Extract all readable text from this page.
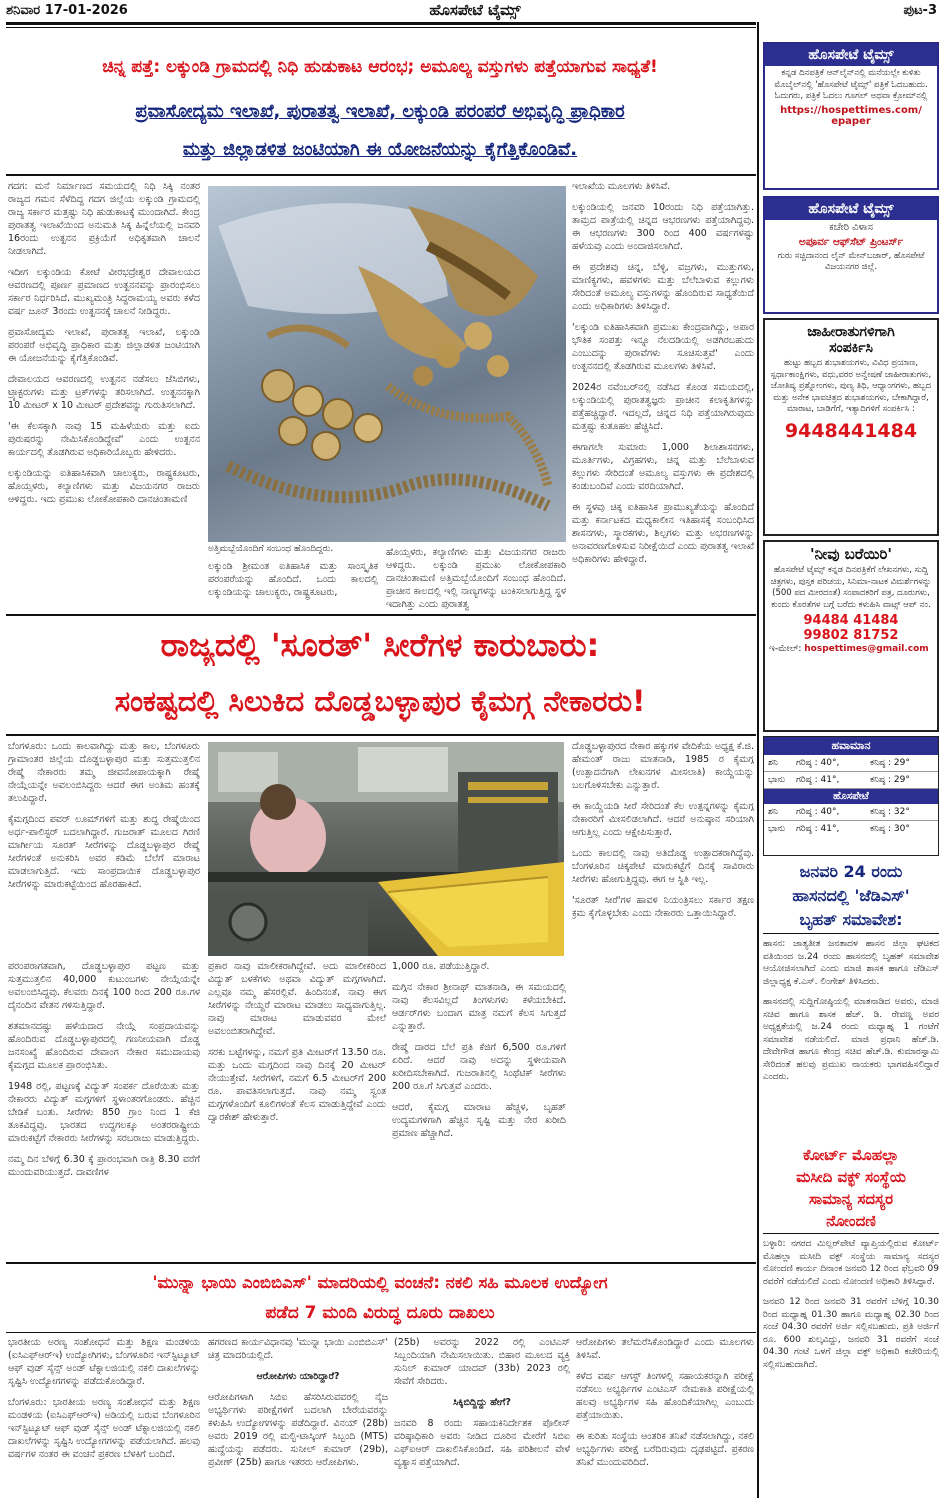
ಶನಿವಾರ 17-01-2026	ಹೊಸಪೇಟೆ ಟೈಮ್ಸ್	ಪುಟ-3
ಚಿನ್ನ ಪತ್ತೆ: ಲಕ್ಕುಂಡಿ ಗ್ರಾಮದಲ್ಲಿ ನಿಧಿ ಹುಡುಕಾಟ ಆರಂಭ; ಅಮೂಲ್ಯ ವಸ್ತುಗಳು ಪತ್ತೆಯಾಗುವ ಸಾಧ್ಯತೆ!
ಪ್ರವಾಸೋದ್ಯಮ ಇಲಾಖೆ, ಪುರಾತತ್ವ ಇಲಾಖೆ, ಲಕ್ಕುಂಡಿ ಪರಂಪರೆ ಅಭಿವೃದ್ಧಿ ಪ್ರಾಧಿಕಾರ
ಮತ್ತು ಜಿಲ್ಲಾಡಳಿತ ಜಂಟಿಯಾಗಿ ಈ ಯೋಜನೆಯನ್ನು ಕೈಗೆತ್ತಿಕೊಂಡಿವೆ.

ಗದಗ: ಮನೆ ನಿರ್ಮಾಣದ ಸಮಯದಲ್ಲಿ ನಿಧಿ ಸಿಕ್ಕಿ ನಂತರ ರಾಜ್ಯದ ಗಮನ ಸೆಳೆದಿದ್ದ ಗದಗ ಜಿಲ್ಲೆಯ ಲಕ್ಕುಂಡಿ ಗ್ರಾಮದಲ್ಲಿ ರಾಜ್ಯ ಸರ್ಕಾರ ಮತ್ತಷ್ಟು ನಿಧಿ ಹುಡುಕಾಟಕ್ಕೆ ಮುಂದಾಗಿದೆ. ಕೇಂದ್ರ ಪುರಾತತ್ವ ಇಲಾಖೆಯಿಂದ ಅನುಮತಿ ಸಿಕ್ಕ ಹಿನ್ನೆಲೆಯಲ್ಲಿ ಜನವರಿ 16ರಂದು ಉತ್ಖನನ ಪ್ರಕ್ರಿಯೆಗೆ ಅಧಿಕೃತವಾಗಿ ಚಾಲನೆ ನೀಡಲಾಗಿದೆ.

ಇದೀಗ ಲಕ್ಕುಂಡಿಯ ಕೋಟೆ ವೀರಭದ್ರೇಶ್ವರ ದೇವಾಲಯದ ಆವರಣದಲ್ಲಿ ಪೂರ್ಣ ಪ್ರಮಾಣದ ಉತ್ಖನನವನ್ನು ಪ್ರಾರಂಭಿಸಲು ಸರ್ಕಾರ ನಿರ್ಧರಿಸಿದೆ. ಮುಖ್ಯಮಂತ್ರಿ ಸಿದ್ದರಾಮಯ್ಯ ಅವರು ಕಳೆದ ವರ್ಷ ಜೂನ್ 3ರಂದು ಉತ್ಖನನಕ್ಕೆ ಚಾಲನೆ ನೀಡಿದ್ದರು.

ಪ್ರವಾಸೋದ್ಯಮ ಇಲಾಖೆ, ಪುರಾತತ್ವ ಇಲಾಖೆ, ಲಕ್ಕುಂಡಿ ಪರಂಪರೆ ಅಭಿವೃದ್ಧಿ ಪ್ರಾಧಿಕಾರ ಮತ್ತು ಜಿಲ್ಲಾಡಳಿತ ಜಂಟಿಯಾಗಿ ಈ ಯೋಜನೆಯನ್ನು ಕೈಗೆತ್ತಿಕೊಂಡಿವೆ.

ದೇವಾಲಯದ ಆವರಣದಲ್ಲಿ ಉತ್ಖನನ ನಡೆಸಲು ಜೆಸಿಬಿಗಳು, ಟ್ರ್ಯಾಕ್ಟರುಗಳು ಮತ್ತು ಟ್ರಕ್‌ಗಳನ್ನು ತರಿಸಲಾಗಿದೆ. ಉತ್ಖನನಕ್ಕಾಗಿ 10 ಮೀಟರ್ x 10 ಮೀಟರ್ ಪ್ರದೇಶವನ್ನು ಗುರುತಿಸಲಾಗಿದೆ.

'ಈ ಕೆಲಸಕ್ಕಾಗಿ ನಾವು 15 ಮಹಿಳೆಯರು ಮತ್ತು ಐದು ಪುರುಷರನ್ನು ನೇಮಿಸಿಕೊಂಡಿದ್ದೇವೆ' ಎಂದು ಉತ್ಖನನ ಕಾರ್ಯದಲ್ಲಿ ತೊಡಗಿರುವ ಅಧಿಕಾರಿಯೊಬ್ಬರು ಹೇಳಿದರು.

ಲಕ್ಕುಂಡಿಯನ್ನು ಐತಿಹಾಸಿಕವಾಗಿ ಚಾಲುಕ್ಯರು, ರಾಷ್ಟ್ರಕೂಟರು, ಹೊಯ್ಸಳರು, ಕಲ್ಯಾಣಿಗಳು ಮತ್ತು ವಿಜಯನಗರ ರಾಜರು ಆಳಿದ್ದರು. ಇದು ಪ್ರಮುಖ ಲೋಕೋಪಕಾರಿ ದಾನಚಿಂತಾಮಣಿ

ಅತ್ತಿಮಬ್ಬೆಯೊಂದಿಗೆ ಸಂಬಂಧ ಹೊಂದಿದ್ದರು.

ಲಕ್ಕುಂಡಿ ಶ್ರೀಮಂತ ಐತಿಹಾಸಿಕ ಮತ್ತು ಸಾಂಸ್ಕೃತಿಕ ಪರಂಪರೆಯನ್ನು ಹೊಂದಿದೆ. ಒಂದು ಕಾಲದಲ್ಲಿ ಲಕ್ಕುಂಡಿಯನ್ನು ಚಾಲುಕ್ಯರು, ರಾಷ್ಟ್ರಕೂಟರು,

ಹೊಯ್ಸಳರು, ಕಲ್ಯಾಣಿಗಳು ಮತ್ತು ವಿಜಯನಗರ ರಾಜರು ಆಳಿದ್ದರು. ಲಕ್ಕುಂಡಿ ಪ್ರಮುಖ ಲೋಕೋಪಕಾರಿ ದಾನಚಿಂತಾಮಣಿ ಅತ್ತಿಮಬ್ಬೆಯೊಂದಿಗೆ ಸಂಬಂಧ ಹೊಂದಿದೆ. ಪ್ರಾಚೀನ ಕಾಲದಲ್ಲಿ ಇಲ್ಲಿ ನಾಣ್ಯಗಳನ್ನು ಟಂಕಿಸಲಾಗುತ್ತಿದ್ದ ಸ್ಥಳ ಇದಾಗಿತ್ತು ಎಂದು ಪುರಾತತ್ವ

ಇಲಾಖೆಯ ಮೂಲಗಳು ತಿಳಿಸಿವೆ.

ಲಕ್ಕುಂಡಿಯಲ್ಲಿ ಜನವರಿ 10ರಂದು ನಿಧಿ ಪತ್ತೆಯಾಗಿತ್ತು. ತಾಮ್ರದ ಪಾತ್ರೆಯಲ್ಲಿ ಚಿನ್ನದ ಆಭರಣಗಳು ಪತ್ತೆಯಾಗಿದ್ದವು. ಈ ಆಭರಣಗಳು 300 ರಿಂದ 400 ವರ್ಷಗಳಷ್ಟು ಹಳೆಯವು ಎಂದು ಅಂದಾಜಿಸಲಾಗಿದೆ.

ಈ ಪ್ರದೇಶವು ಚಿನ್ನ, ಬೆಳ್ಳಿ, ವಜ್ರಗಳು, ಮುತ್ತುಗಳು, ಮಾಣಿಕ್ಯಗಳು, ಹವಳಗಳು ಮತ್ತು ಬೆಲೆಬಾಳುವ ಕಲ್ಲುಗಳು ಸೇರಿದಂತೆ ಅಮೂಲ್ಯ ವಸ್ತುಗಳನ್ನು ಹೊಂದಿರುವ ಸಾಧ್ಯತೆಯಿದೆ ಎಂದು ಅಧಿಕಾರಿಗಳು ತಿಳಿಸಿದ್ದಾರೆ.

'ಲಕ್ಕುಂಡಿ ಐತಿಹಾಸಿಕವಾಗಿ ಪ್ರಮುಖ ಕೇಂದ್ರವಾಗಿದ್ದು, ಅಪಾರ ಭೌತಿಕ ಸಂಪತ್ತು ಇನ್ನೂ ನೆಲದಡಿಯಲ್ಲಿ ಅಡಗಿರಬಹುದು ಎಂಬುದನ್ನು ಪುರಾವೆಗಳು ಸೂಚಿಸುತ್ತವೆ' ಎಂದು ಉತ್ಖನನದಲ್ಲಿ ತೊಡಗಿರುವ ಮೂಲಗಳು ತಿಳಿಸಿವೆ.

2024ರ ನವೆಂಬರ್‌ನಲ್ಲಿ ನಡೆಸಿದ ಕೊಂಡ ಸಮಯದಲ್ಲಿ, ಲಕ್ಕುಂಡಿಯಲ್ಲಿ ಪುರಾತತ್ವಜ್ಞರು ಪ್ರಾಚೀನ ಕಲಾಕೃತಿಗಳನ್ನು ಪತ್ತೆಹಚ್ಚಿದ್ದಾರೆ. ಇದಲ್ಲದೆ, ಚಿನ್ನದ ನಿಧಿ ಪತ್ತೆಯಾಗಿರುವುದು ಮತ್ತಷ್ಟು ಕುತೂಹಲ ಹೆಚ್ಚಿಸಿದೆ.

ಈಗಾಗಲೇ ಸುಮಾರು 1,000 ಶಿಲಾಶಾಸನಗಳು, ಮೂರ್ತಿಗಳು, ವಿಗ್ರಹಗಳು, ಚಿನ್ನ ಮತ್ತು ಬೆಲೆಬಾಳುವ ಕಲ್ಲುಗಳು ಸೇರಿದಂತೆ ಅಮೂಲ್ಯ ವಸ್ತುಗಳು ಈ ಪ್ರದೇಶದಲ್ಲಿ ಕಂಡುಬಂದಿವೆ ಎಂದು ವರದಿಯಾಗಿದೆ.

ಈ ಸ್ಥಳವು ಚಿಕ್ಕ ಐತಿಹಾಸಿಕ ಪ್ರಾಮುಖ್ಯತೆಯನ್ನು ಹೊಂದಿದೆ ಮತ್ತು ಕರ್ನಾಟಕದ ಮಧ್ಯಕಾಲೀನ ಇತಿಹಾಸಕ್ಕೆ ಸಂಬಂಧಿಸಿದ ಶಾಸನಗಳು, ಸ್ಮಾರಕಗಳು, ಶಿಲ್ಪಗಳು ಮತ್ತು ಅಭರಣಗಳನ್ನು ಅನಾವರಣಗೊಳಿಸುವ ನಿರೀಕ್ಷೆಯಿದೆ ಎಂದು ಪುರಾತತ್ವ ಇಲಾಖೆ ಅಧಿಕಾರಿಗಳು ಹೇಳಿದ್ದಾರೆ.

ರಾಜ್ಯದಲ್ಲಿ 'ಸೂರತ್' ಸೀರೆಗಳ ಕಾರುಬಾರು:
ಸಂಕಷ್ಟದಲ್ಲಿ ಸಿಲುಕಿದ ದೊಡ್ಡಬಳ್ಳಾಪುರ ಕೈಮಗ್ಗ ನೇಕಾರರು!

ಬೆಂಗಳೂರು: ಒಂದು ಕಾಲವಾಗಿದ್ದು ಮತ್ತು ಕಾಲ, ಬೆಂಗಳೂರು ಗ್ರಾಮಾಂತರ ಜಿಲ್ಲೆಯ ದೊಡ್ಡಬಳ್ಳಾಪುರ ಮತ್ತು ಸುತ್ತಮುತ್ತಲಿನ ರೇಷ್ಮೆ ನೇಕಾರರು ತಮ್ಮ ಜೀವನೋಪಾಯಕ್ಕಾಗಿ ರೇಷ್ಮೆ ನೇಯ್ಗೆಯನ್ನೇ ಅವಲಂಬಿಸಿದ್ದರು ಆದರೆ ಈಗ ಅಂತಿಮ ಹಂತಕ್ಕೆ ತಲುಪಿದ್ದಾರೆ.

ಕೈಮಗ್ಗದಿಂದ ಪವರ್ ಲೂಮ್‌ಗಳಿಗೆ ಮತ್ತು ಶುದ್ಧ ರೇಷ್ಮೆಯಿಂದ ಅರ್ಧ-ಪಾಲಿಸ್ಟರ್ ಬದಲಾಗಿದ್ದಾರೆ. ಗುಜರಾತ್ ಮೂಲದ ಗಿರಣಿ ಮಾರ್ಗೀಯ ಸೂರತ್ ಸೀರೆಗಳನ್ನು ದೊಡ್ಡಬಳ್ಳಾಪುರ ರೇಷ್ಮೆ ಸೀರೆಗಳಂತೆ ಅನುಕರಿಸಿ ಅವರ ಕಡಿಮೆ ಬೆಲೆಗೆ ಮಾರಾಟ ಮಾಡಲಾಗುತ್ತಿದೆ. ಇದು ಸಾಂಪ್ರದಾಯಿಕ ದೊಡ್ಡಬಳ್ಳಾಪುರ ಸೀರೆಗಳನ್ನು ಮಾರುಕಟ್ಟೆಯಿಂದ ಹೊರಹಾಕಿದೆ.

ಪರಂಪರಾಗತವಾಗಿ, ದೊಡ್ಡಬಳ್ಳಾಪುರ ಪಟ್ಟಣ ಮತ್ತು ಸುತ್ತಮುತ್ತಲಿನ 40,000 ಕುಟುಂಬಗಳು ನೇಯ್ಗೆಯನ್ನೇ ಅವಲಂಬಿಸಿದ್ದವು. ಕೆಲವರು ದಿನಕ್ಕೆ 100 ರಿಂದ 200 ರೂ.ಗಳ ದೈನಂದಿನ ವೇತನ ಗಳಿಸುತ್ತಿದ್ದಾರೆ.

ಶತಮಾನದಷ್ಟು ಹಳೆಯದಾದ ನೇಯ್ಗೆ ಸಂಪ್ರದಾಯವನ್ನು ಹೊಂದಿರುವ ದೊಡ್ಡಬಳ್ಳಾಪುರದಲ್ಲಿ ಗಣನೀಯವಾಗಿ ದೊಡ್ಡ ಜನಸಂಖ್ಯೆ ಹೊಂದಿರುವ ದೇವಾಂಗ ನೇಕಾರ ಸಮುದಾಯವು ಕೈಮಗ್ಗದ ಮೂಲಕ ಪ್ರಾರಂಭಿಸಿತು.

1948 ರಲ್ಲಿ, ಪಟ್ಟಣಕ್ಕೆ ವಿದ್ಯುತ್ ಸಂಪರ್ಕ ದೊರೆಯಿತು ಮತ್ತು ನೇಕಾರರು ವಿದ್ಯುತ್ ಮಗ್ಗಗಳಿಗೆ ಸ್ಥಳಾಂತರಗೊಂಡರು. ಹೆಚ್ಚಿನ ಬೇಡಿಕೆ ಬಂತು. ಸೀರೆಗಳು 850 ಗ್ರಾಂ ನಿಂದ 1 ಕೆಜಿ ತೂಕವಿದ್ದವು. ಭಾರತದ ಉದ್ದಗಲಕ್ಕೂ ಅಂತರರಾಷ್ಟ್ರೀಯ ಮಾರುಕಟ್ಟೆಗೆ ನೇಕಾರರು ಸೀರೆಗಳನ್ನು ಸರಬರಾಜು ಮಾಡುತ್ತಿದ್ದರು.

ನಮ್ಮ ದಿನ ಬೆಳಿಗ್ಗೆ 6.30 ಕ್ಕೆ ಪ್ರಾರಂಭವಾಗಿ ರಾತ್ರಿ 8.30 ವರೆಗೆ ಮುಂದುವರಿಯುತ್ತದೆ. ದಾವಣಿಗಳ

ಪ್ರಕಾರ ನಾವು ಮಾಲೀಕರಾಗಿದ್ದೇವೆ. ಅದು ಮಾಲೀಕರಿಂದ ವಿದ್ಯುತ್ ಬಳಕೆಗಳು ಅಥವಾ ವಿದ್ಯುತ್ ಮಗ್ಗಗಳಾಗಿದೆ. ಎಲ್ಲವೂ ನಮ್ಮ ಹೆಸರಲ್ಲಿವೆ. ಹಿಂದಿನಂತೆ, ನಾವು ಈಗ ಸೀರೆಗಳನ್ನು ನೇಯ್ದರೆ ಮಾರಾಟ ಮಾಡಲು ಸಾಧ್ಯವಾಗುತ್ತಿಲ್ಲ. ನಾವು ಮಾರಾಟ ಮಾಡುವವರ ಮೇಲೆ ಅವಲಂಬಿತರಾಗಿದ್ದೇವೆ.

ಸರಕು ಬಟ್ಟೆಗಳನ್ನು, ನಮಗೆ ಪ್ರತಿ ಮೀಟರ್‌ಗೆ 13.50 ರೂ. ಮತ್ತು ಒಂದು ಮಗ್ಗದಿಂದ ನಾವು ದಿನಕ್ಕೆ 20 ಮೀಟರ್ ನೇಯುತ್ತೇವೆ. ಸೀರೆಗಳಿಗೆ, ನಮಗೆ 6.5 ಮೀಟರ್‌ಗೆ 200 ರೂ. ಪಾವತಿಸಲಾಗುತ್ತದೆ. ನಾವು ನಮ್ಮ ಸ್ವಂತ ಮಗ್ಗಗಳೊಂದಿಗೆ ಕೂಲಿಗಳಂತೆ ಕೆಲಸ ಮಾಡುತ್ತಿದ್ದೇವೆ ಎಂದು ದ್ವಾರಕೇಶ್ ಹೇಳುತ್ತಾರೆ.

1,000 ರೂ. ಪಡೆಯುತ್ತಿದ್ದಾರೆ.

ಮಗ್ಗಿನ ನೇಕಾರ ಶ್ರೀನಾಥ್ ಮಾತನಾಡಿ, ಈ ಸಮಯದಲ್ಲಿ ನಾವು ಕೆಲಸವಿಲ್ಲದೆ ತಿಂಗಳುಗಳು ಕಳೆಯಬೇಕಿದೆ. ಆರ್ಡರ್‌ಗಳು ಬಂದಾಗ ಮಾತ್ರ ನಮಗೆ ಕೆಲಸ ಸಿಗುತ್ತದೆ ಎನ್ನುತ್ತಾರೆ.

ರೇಷ್ಮೆ ದಾರದ ಬೆಲೆ ಪ್ರತಿ ಕೆಜಿಗೆ 6,500 ರೂ.ಗಳಿಗೆ ಏರಿದೆ. ಆದರೆ ನಾವು ಅದನ್ನು ಸ್ಥಳೀಯವಾಗಿ ಖರೀದಿಸಬೇಕಾಗಿದೆ. ಗುಜರಾತಿನಲ್ಲಿ ಸಿಂಥೆಟಿಕ್ ಸೀರೆಗಳು 200 ರೂ.ಗೆ ಸಿಗುತ್ತವೆ ಎಂದರು.

ಆದರೆ, ಕೈಮಗ್ಗ ಮಾರಾಟ ಹೆಚ್ಚಳ, ಬೃಹತ್ ಉದ್ಯಮಗಳಿಗಾಗಿ ಹೆಚ್ಚಿನ ಸೃಷ್ಟಿ ಮತ್ತು ನೇರ ಖರೀದಿ ಪ್ರಮಾಣ ಹೆಚ್ಚಾಗಿದೆ.

ದೊಡ್ಡಬಳ್ಳಾಪುರದ ನೇಕಾರ ಹಕ್ಕುಗಳ ವೇದಿಕೆಯ ಅಧ್ಯಕ್ಷ ಕೆ.ಜಿ. ಹೇಮಂತ್ ರಾಜು ಮಾತನಾಡಿ, 1985 ರ ಕೈಮಗ್ಗ (ಉತ್ಪಾದನೆಗಾಗಿ ಲೇಖನಗಳ ಮೀಸಲಾತಿ) ಕಾಯ್ದೆಯನ್ನು ಬಲಗೊಳಿಸಬೇಕು ಎನ್ನುತ್ತಾರೆ.

ಈ ಕಾಯ್ದೆಯಡಿ ಸೀರೆ ಸೇರಿದಂತೆ ಕೆಲ ಉತ್ಪನ್ನಗಳನ್ನು ಕೈಮಗ್ಗ ನೇಕಾರರಿಗೆ ಮೀಸಲಿಡಲಾಗಿದೆ. ಆದರೆ ಅನುಷ್ಠಾನ ಸರಿಯಾಗಿ ಆಗುತ್ತಿಲ್ಲ ಎಂದು ಆಕ್ಷೇಪಿಸುತ್ತಾರೆ.

ಒಂದು ಕಾಲದಲ್ಲಿ ನಾವು ಅತಿದೊಡ್ಡ ಉತ್ಪಾದಕರಾಗಿದ್ದೆವು. ಬೆಂಗಳೂರಿನ ಚಿಕ್ಕಪೇಟೆ ಮಾರುಕಟ್ಟೆಗೆ ದಿನಕ್ಕೆ ಸಾವಿರಾರು ಸೀರೆಗಳು ಹೋಗುತ್ತಿದ್ದವು. ಈಗ ಆ ಸ್ಥಿತಿ ಇಲ್ಲ.

'ಸೂರತ್ ಸೀರೆ'ಗಳ ಹಾವಳಿ ನಿಯಂತ್ರಿಸಲು ಸರ್ಕಾರ ತಕ್ಷಣ ಕ್ರಮ ಕೈಗೊಳ್ಳಬೇಕು ಎಂದು ನೇಕಾರರು ಒತ್ತಾಯಿಸಿದ್ದಾರೆ.

'ಮುನ್ನಾ ಭಾಯಿ ಎಂಬಿಬಿಎಸ್' ಮಾದರಿಯಲ್ಲಿ ವಂಚನೆ: ನಕಲಿ ಸಹಿ ಮೂಲಕ ಉದ್ಯೋಗ
ಪಡೆದ 7 ಮಂದಿ ವಿರುದ್ಧ ದೂರು ದಾಖಲು

ಭಾರತೀಯ ಅರಣ್ಯ ಸಂಶೋಧನೆ ಮತ್ತು ಶಿಕ್ಷಣ ಮಂಡಳಿಯ (ಐಸಿಎಫ್‌ಆರ್‌ಇ) ಉದ್ಯೋಗಿಗಳು, ಬೆಂಗಳೂರಿನ ಇನ್‌ಸ್ಟಿಟ್ಯೂಟ್ ಆಫ್ ವುಡ್ ಸೈನ್ಸ್ ಅಂಡ್ ಟೆಕ್ನಾಲಜಿಯಲ್ಲಿ ನಕಲಿ ದಾಖಲೆಗಳನ್ನು ಸೃಷ್ಟಿಸಿ ಉದ್ಯೋಗಗಳನ್ನು ಪಡೆದುಕೊಂಡಿದ್ದಾರೆ.

ಬೆಂಗಳೂರು: ಭಾರತೀಯ ಅರಣ್ಯ ಸಂಶೋಧನೆ ಮತ್ತು ಶಿಕ್ಷಣ ಮಂಡಳಿಯ (ಐಸಿಎಫ್‌ಆರ್‌ಇ) ಅಡಿಯಲ್ಲಿ ಬರುವ ಬೆಂಗಳೂರಿನ ಇನ್‌ಸ್ಟಿಟ್ಯೂಟ್ ಆಫ್ ವುಡ್ ಸೈನ್ಸ್ ಅಂಡ್ ಟೆಕ್ನಾಲಜಿಯಲ್ಲಿ ನಕಲಿ ದಾಖಲೆಗಳನ್ನು ಸೃಷ್ಟಿಸಿ ಉದ್ಯೋಗಗಳನ್ನು ಪಡೆಯಲಾಗಿದೆ. ಹಲವು ವರ್ಷಗಳ ನಂತರ ಈ ವಂಚನೆ ಪ್ರಕರಣ ಬೆಳಕಿಗೆ ಬಂದಿದೆ.

ಹಗರಣದ ಕಾರ್ಯವಿಧಾನವು 'ಮುನ್ನಾ ಭಾಯಿ ಎಂಬಿಬಿಎಸ್' ಚಿತ್ರ ಮಾದರಿಯಲ್ಲಿದೆ.

ಆರೋಪಿಗಳು ಯಾರಿದ್ದಾರೆ?

ಆರೋಪಿಗಳಾಗಿ ಸಿಬಿಐ ಹೆಸರಿಸಿರುವವರಲ್ಲಿ ನೈಜ ಅಭ್ಯರ್ಥಿಗಳು ಪರೀಕ್ಷೆಗಳಿಗೆ ಬದಲಾಗಿ ಬೇರೆಯವರನ್ನು ಕಳುಹಿಸಿ ಉದ್ಯೋಗಗಳನ್ನು ಪಡೆದಿದ್ದಾರೆ. ವಿನಯ್ (28b) ಅವರು 2019 ರಲ್ಲಿ ಮಲ್ಟಿ-ಟಾಸ್ಕಿಂಗ್ ಸಿಬ್ಬಂದಿ (MTS) ಹುದ್ದೆಯನ್ನು ಪಡೆದರು. ಸುನೀಲ್ ಕುಮಾರ್ (29b), ಪ್ರವೀಣ್ (25b) ಹಾಗೂ ಇತರರು ಆರೋಪಿಗಳು.

(25b) ಅವರನ್ನು 2022 ರಲ್ಲಿ ಎಂಟಿಎಸ್ ಸಿಬ್ಬಂದಿಯಾಗಿ ನೇಮಿಸಲಾಯಿತು. ಬಿಹಾರ ಮೂಲದ ವ್ಯಕ್ತಿ ಸುನಿಲ್ ಕುಮಾರ್ ಯಾದವ್ (33b) 2023 ರಲ್ಲಿ ಸೇವೆಗೆ ಸೇರಿದರು.

ಸಿಕ್ಕಿಬಿದ್ದಿದ್ದು ಹೇಗೆ?

ಜನವರಿ 8 ರಂದು ಸಹಾಯಕಿನಿರ್ದೇಶಕ ಪೊಲೀಸ್ ವರಿಷ್ಠಾಧಿಕಾರಿ ಅವರು ನೀಡಿದ ದೂರಿನ ಮೇರೆಗೆ ಸಿಬಿಐ ಎಫ್‌ಐಆರ್ ದಾಖಲಿಸಿಕೊಂಡಿದೆ. ಸಹಿ ಪರಿಶೀಲನೆ ವೇಳೆ ವ್ಯತ್ಯಾಸ ಪತ್ತೆಯಾಗಿದೆ.

ಆರೋಪಿಗಳು ತಲೆಮರೆಸಿಕೊಂಡಿದ್ದಾರೆ ಎಂದು ಮೂಲಗಳು ತಿಳಿಸಿವೆ.

ಕಳೆದ ವರ್ಷ ಆಗಸ್ಟ್ ತಿಂಗಳಲ್ಲಿ ಸಹಾಯಕರನ್ನಾಗಿ ಪರೀಕ್ಷೆ ನಡೆಸಲು ಅಭ್ಯರ್ಥಿಗಳ ಎಂಟಿಎಸ್ ನೇಮಕಾತಿ ಪರೀಕ್ಷೆಯಲ್ಲಿ ಹಲವು ಅಭ್ಯರ್ಥಿಗಳ ಸಹಿ ಹೊಂದಿಕೆಯಾಗಿಲ್ಲ ಎಂಬುದು ಪತ್ತೆಯಾಯಿತು.

ಈ ಕುರಿತು ಸಂಸ್ಥೆಯ ಆಂತರಿಕ ತನಿಖೆ ನಡೆಸಲಾಗಿದ್ದು, ನಕಲಿ ಅಭ್ಯರ್ಥಿಗಳು ಪರೀಕ್ಷೆ ಬರೆದಿರುವುದು ದೃಢಪಟ್ಟಿದೆ. ಪ್ರಕರಣ ತನಿಖೆ ಮುಂದುವರಿದಿದೆ.

ಹೊಸಪೇಟೆ ಟೈಮ್ಸ್
ಕನ್ನಡ ದಿನಪತ್ರಿಕೆ ಆನ್‌ಲೈನ್‌ನಲ್ಲಿ ಮನೆಯಲ್ಲೇ ಕುಳಿತು ಮೊಬೈಲ್‌ನಲ್ಲಿ 'ಹೊಸಪೇಟೆ ಟೈಮ್ಸ್' ಪತ್ರಿಕೆ ಓದಬಹುದು. ಓದುಗರು, ಪತ್ರಿಕೆ ಓದಲು ಗೂಗಲ್ ಅಥವಾ ಕ್ರೋಮ್‌ನಲ್ಲಿ
https://hospettimes.com/
epaper
ಹೊಸಪೇಟೆ ಟೈಮ್ಸ್
ಕಚೇರಿ ವಿಳಾಸ
ಅಪೂರ್ವ ಆಫ್‌ಸೆಟ್ ಪ್ರಿಂಟರ್ಸ್
ಗುರು ಸಚ್ಚಿದಾನಂದ ಲೈನ್ ಮೇನ್‌ಬಜಾರ್, ಹೊಸಪೇಟೆ ವಿಜಯನಗರ ಜಿಲ್ಲೆ.
ಜಾಹೀರಾತುಗಳಿಗಾಗಿ
ಸಂಪರ್ಕಿಸಿ
ಹುಟ್ಟು ಹಬ್ಬದ ಶುಭಾಶಯಗಳು, ವಿವಿಧ ಪ್ರಯಾಣ, ಸ್ಪರ್ಧಾಕಾಂಕ್ಷಿಗಳು, ವಧು,ವರರ ಅನ್ವೇಷಣೆ ಜಾಹೀರಾತುಗಳು, ಜೋತಿಷ್ಯ ಪ್ರಶ್ನೋಂಗಳು, ಪುಣ್ಯ ತಿಥಿ, ಆಧ್ಯಾಂಗಗಳು, ಹಬ್ಬದ ಮತ್ತು ಅನೇಕ ಭಾವಚಿತ್ರದ ಶುಭಾಶಯಗಳು, ಬೇಕಾಗಿದ್ದಾರೆ, ಮಾರಾಟ, ಬಾಡಿಗೆಗೆ, ಇತ್ಯಾದಿಗಳಿಗೆ ಸಂಪರ್ಕಿಸಿ :
9448441484
'ನೀವು ಬರೆಯಿರಿ'
ಹೊಸಪೇಟೆ ಟೈಮ್ಸ್ ಕನ್ನಡ ದಿನಪತ್ರಿಕೆಗೆ ಲೇಖನಗಳು, ಸುದ್ದಿ ಚಿತ್ರಗಳು, ಪುಸ್ತಕ ಪರಿಚಯ, ಸಿನಿಮಾ-ನಾಟಕ ವಿಮರ್ಶೆಗಳನ್ನು (500 ಪದ ಮೀರದಂತೆ) ಸಂಪಾದಕರಿಗೆ ಪತ್ರ, ದೂರುಗಳು, ಕುಂದು ಕೊರತೆಗಳ ಬಗ್ಗೆ ಬರೆದು ಕಳುಹಿಸಿ ವಾಟ್ಸ್ ಆಪ್ ನಂ.
94484 41484
99802 81752
ಇ-ಮೇಲ್: hospettimes@gmail.com
ಹವಾಮಾನ
ಶನಿ	ಗರಿಷ್ಠ : 40°,	ಕನಿಷ್ಠ : 29°
ಭಾನು	ಗರಿಷ್ಠ : 41°,	ಕನಿಷ್ಠ : 29°
ಹೊಸಪೇಟೆ
ಶನಿ	ಗರಿಷ್ಠ : 40°,	ಕನಿಷ್ಠ : 32°
ಭಾನು	ಗರಿಷ್ಠ : 41°,	ಕನಿಷ್ಠ : 30°
ಜನವರಿ 24 ರಂದು
ಹಾಸನದಲ್ಲಿ 'ಜೆಡಿಎಸ್'
ಬೃಹತ್ ಸಮಾವೇಶ:

ಹಾಸನ: ಜಾತ್ಯತೀತ ಜನತಾದಳ ಹಾಸನ ಜಿಲ್ಲಾ ಘಟಕದ ವತಿಯಿಂದ ಜ.24 ರಂದು ಹಾಸನದಲ್ಲಿ ಬೃಹತ್ ಸಮಾವೇಶ ಆಯೋಜಿಸಲಾಗಿದೆ ಎಂದು ಮಾಜಿ ಶಾಸಕ ಹಾಗೂ ಜೆಡಿಎಸ್ ಜಿಲ್ಲಾಧ್ಯಕ್ಷ ಕೆ.ಎಸ್. ಲಿಂಗೇಶ್ ತಿಳಿಸಿದರು.

ಹಾಸನದಲ್ಲಿ ಸುದ್ದಿಗೋಷ್ಠಿಯಲ್ಲಿ ಮಾತನಾಡಿದ ಅವರು, ಮಾಜಿ ಸಚಿವ ಹಾಗೂ ಶಾಸಕ ಹೆಚ್. ಡಿ. ರೇವಣ್ಣ ಅವರ ಅಧ್ಯಕ್ಷತೆಯಲ್ಲಿ ಜ.24 ರಂದು ಮಧ್ಯಾಹ್ನ 1 ಗಂಟೆಗೆ ಸಮಾವೇಶ ನಡೆಯಲಿದೆ. ಮಾಜಿ ಪ್ರಧಾನಿ ಹೆಚ್.ಡಿ. ದೇವೇಗೌಡ ಹಾಗೂ ಕೇಂದ್ರ ಸಚಿವ ಹೆಚ್.ಡಿ. ಕುಮಾರಸ್ವಾಮಿ ಸೇರಿದಂತೆ ಹಲವು ಪ್ರಮುಖ ನಾಯಕರು ಭಾಗವಹಿಸಲಿದ್ದಾರೆ ಎಂದರು.

ಕೋರ್ಟ್ ಮೊಹಲ್ಲಾ
ಮಸೀದಿ ವಕ್ಫ್ ಸಂಸ್ಥೆಯ
ಸಾಮಾನ್ಯ ಸದಸ್ಯರ
ನೋಂದಣಿ

ಬಳ್ಳಾರಿ: ನಗರದ ಮಿಲ್ಲರ್‌ಪೇಟೆ ವ್ಯಾಪ್ತಿಯಲ್ಲಿರುವ ಕೋರ್ಟ್ ಮೊಹಲ್ಲಾ ಮಸೀದಿ ವಕ್ಫ್ ಸಂಸ್ಥೆಯ ಸಾಮಾನ್ಯ ಸದಸ್ಯರ ನೋಂದಣಿ ಕಾರ್ಯ ದಿನಾಂಕ ಜನವರಿ 12 ರಿಂದ ಫೆಬ್ರವರಿ 09 ರವರೆಗೆ ನಡೆಯಲಿದೆ ಎಂದು ನೋಂದಣಿ ಅಧಿಕಾರಿ ತಿಳಿಸಿದ್ದಾರೆ.

ಜನವರಿ 12 ರಿಂದ ಜನವರಿ 31 ರವರೆಗೆ ಬೆಳಿಗ್ಗೆ 10.30 ರಿಂದ ಮಧ್ಯಾಹ್ನ 01.30 ಹಾಗೂ ಮಧ್ಯಾಹ್ನ 02.30 ರಿಂದ ಸಂಜೆ 04.30 ರವರೆಗೆ ಅರ್ಜಿ ಸಲ್ಲಿಸಬಹುದು. ಪ್ರತಿ ಅರ್ಜಿಗೆ ರೂ. 600 ಶುಲ್ಕವಿದ್ದು, ಜನವರಿ 31 ರವರೆಗೆ ಸಂಜೆ 04.30 ಗಂಟೆ ಒಳಗೆ ಜಿಲ್ಲಾ ವಕ್ಫ್ ಅಧಿಕಾರಿ ಕಚೇರಿಯಲ್ಲಿ ಸಲ್ಲಿಸಬಹುದಾಗಿದೆ.
